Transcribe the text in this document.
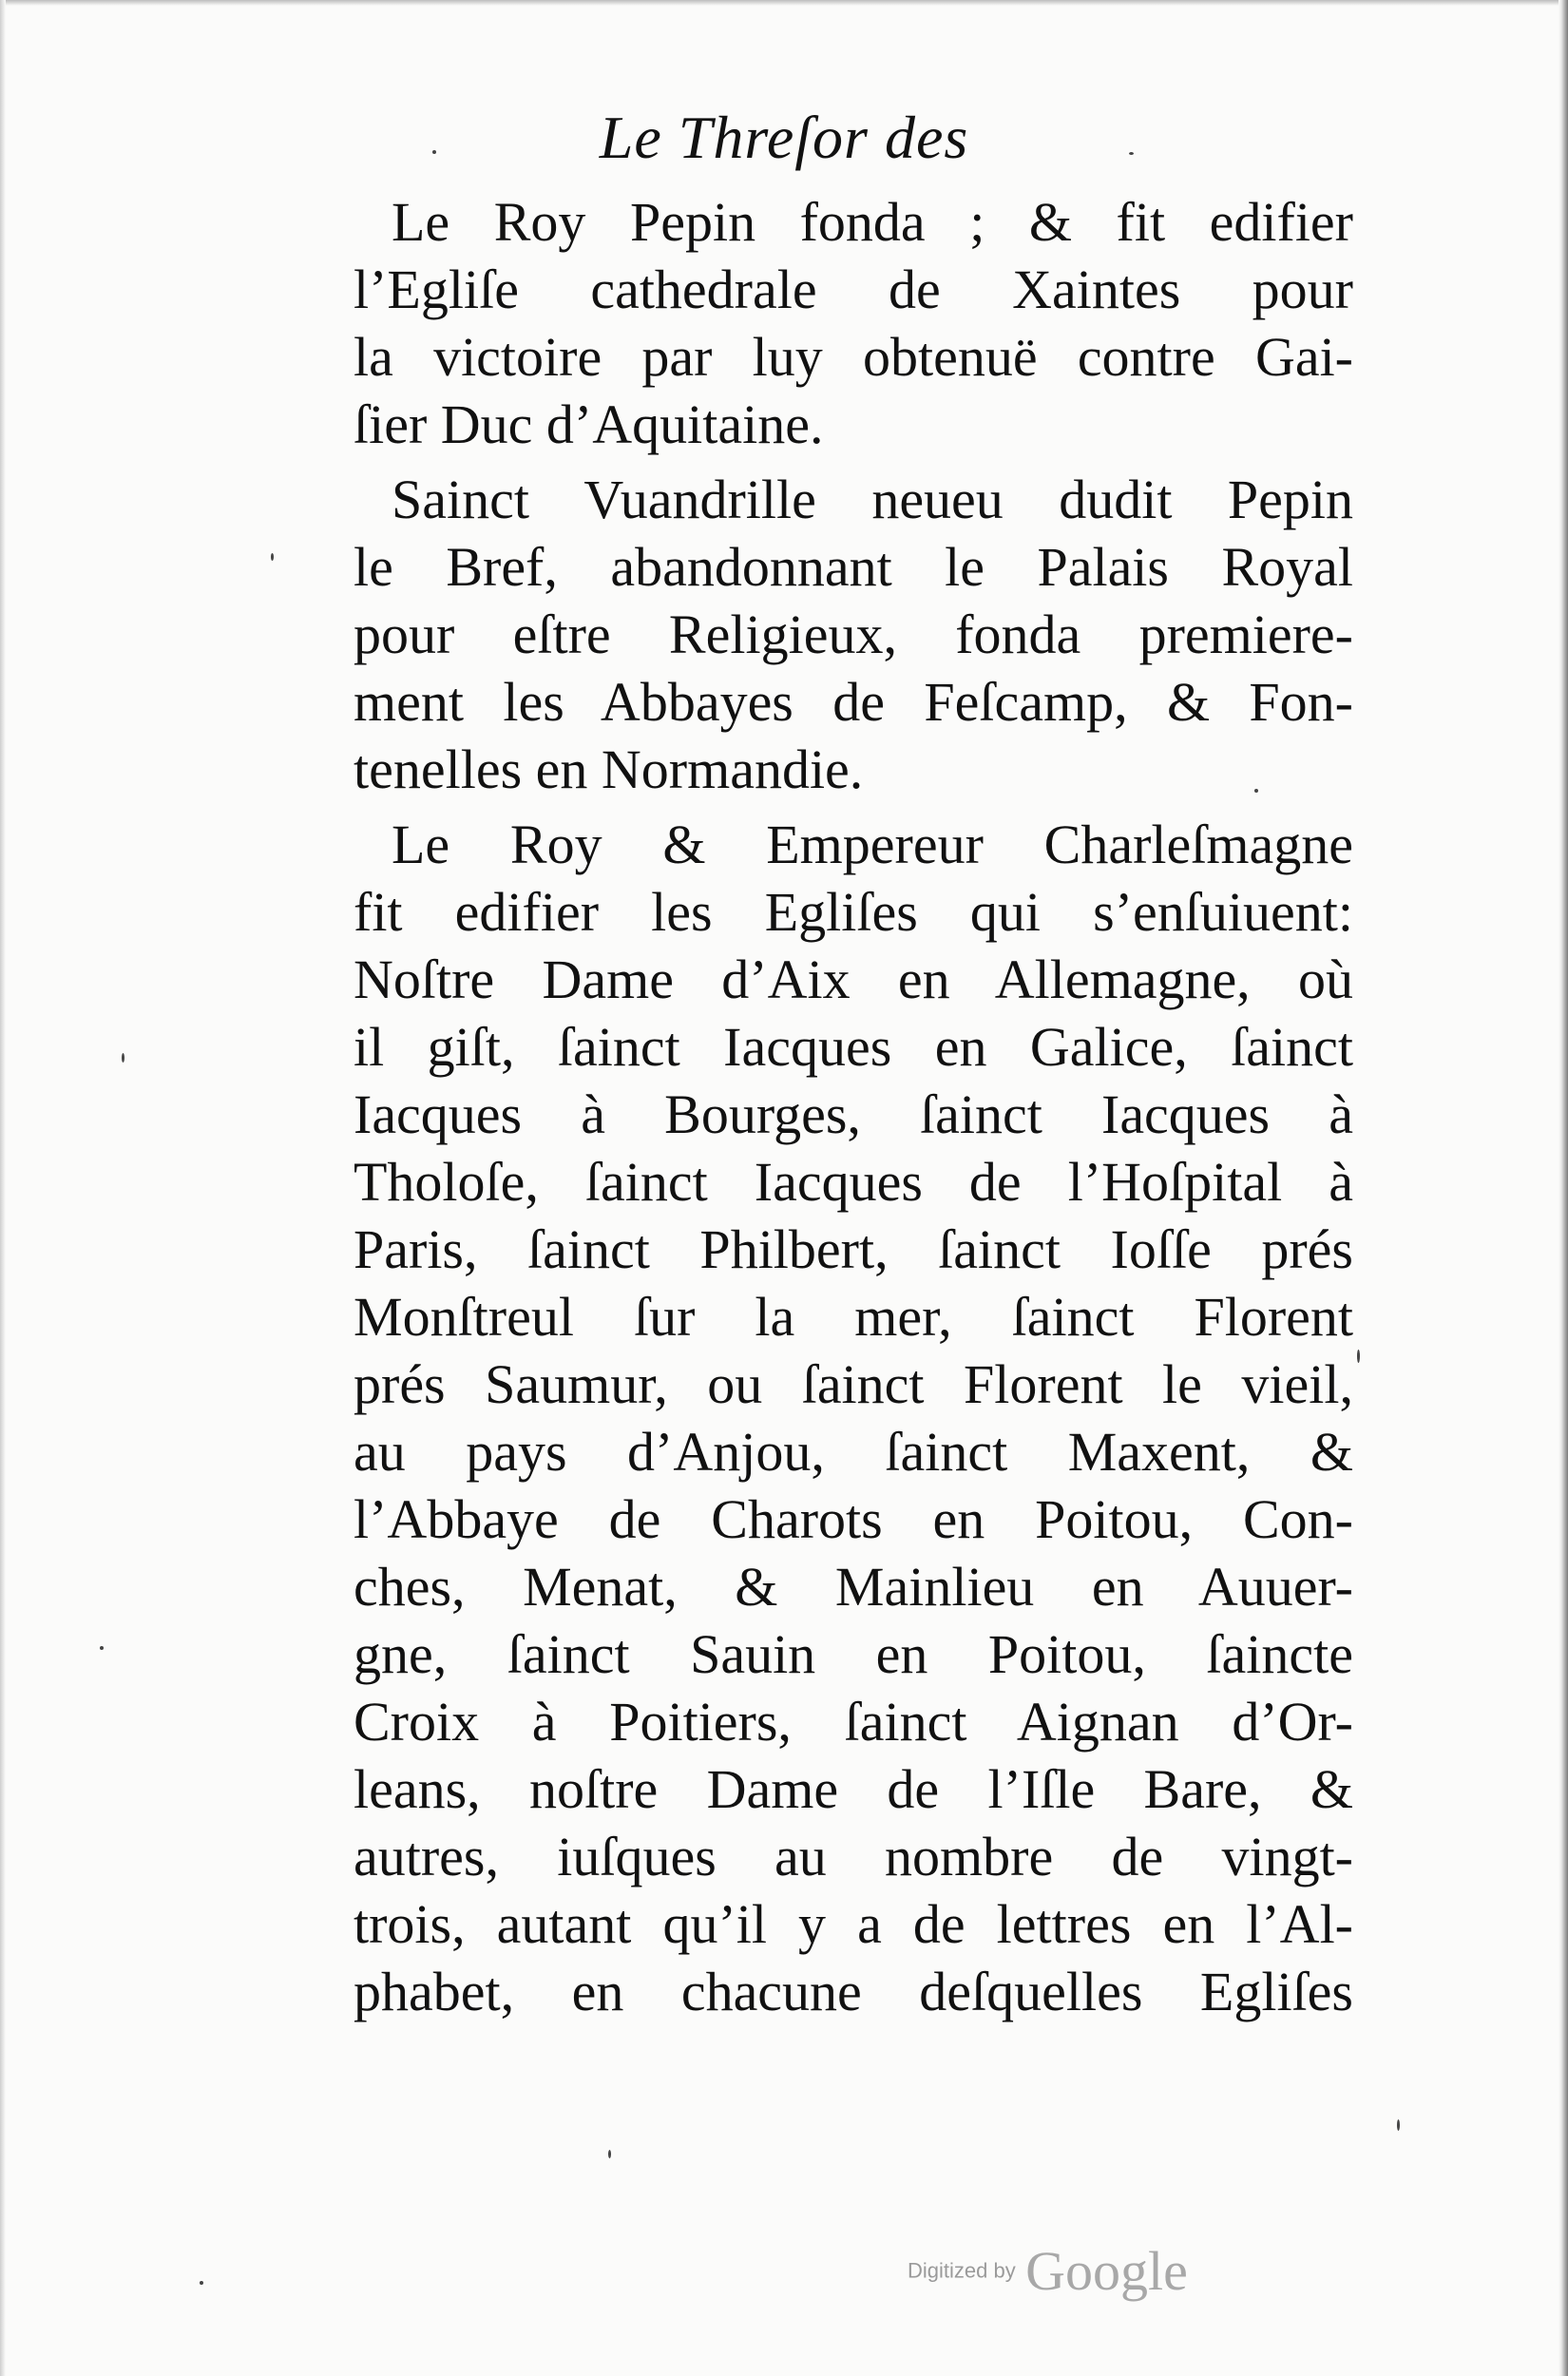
Le Threſor des
Le Roy Pepin fonda ; & fit edifier
l’Egliſe cathedrale de Xaintes pour
la victoire par luy obtenuë contre Gai-
ſier Duc d’Aquitaine.
Sainct Vuandrille neueu dudit Pepin
le Bref, abandonnant le Palais Royal
pour eſtre Religieux, fonda premiere-
ment les Abbayes de Feſcamp, & Fon-
tenelles en Normandie.
Le Roy & Empereur Charleſmagne
fit edifier les Egliſes qui s’enſuiuent:
Noſtre Dame d’Aix en Allemagne, où
il giſt, ſainct Iacques en Galice, ſainct
Iacques à Bourges, ſainct Iacques à
Tholoſe, ſainct Iacques de l’Hoſpital à
Paris, ſainct Philbert, ſainct Ioſſe prés
Monſtreul ſur la mer, ſainct Florent
prés Saumur, ou ſainct Florent le vieil,
au pays d’Anjou, ſainct Maxent, &
l’Abbaye de Charots en Poitou, Con-
ches, Menat, & Mainlieu en Auuer-
gne, ſainct Sauin en Poitou, ſaincte
Croix à Poitiers, ſainct Aignan d’Or-
leans, noſtre Dame de l’Iſle Bare, &
autres, iuſques au nombre de vingt-
trois, autant qu’il y a de lettres en l’Al-
phabet, en chacune deſquelles Egliſes
Digitized by Google
